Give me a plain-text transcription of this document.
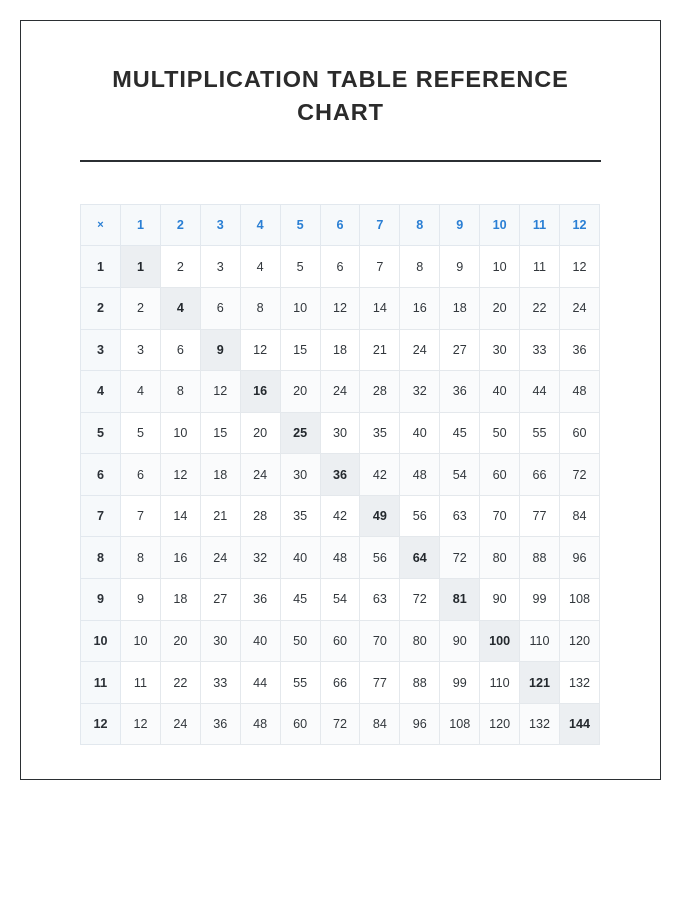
MULTIPLICATION TABLE REFERENCE CHART
×	1	2	3	4	5	6	7	8	9	10	11	12
1	1	2	3	4	5	6	7	8	9	10	11	12
2	2	4	6	8	10	12	14	16	18	20	22	24
3	3	6	9	12	15	18	21	24	27	30	33	36
4	4	8	12	16	20	24	28	32	36	40	44	48
5	5	10	15	20	25	30	35	40	45	50	55	60
6	6	12	18	24	30	36	42	48	54	60	66	72
7	7	14	21	28	35	42	49	56	63	70	77	84
8	8	16	24	32	40	48	56	64	72	80	88	96
9	9	18	27	36	45	54	63	72	81	90	99	108
10	10	20	30	40	50	60	70	80	90	100	110	120
11	11	22	33	44	55	66	77	88	99	110	121	132
12	12	24	36	48	60	72	84	96	108	120	132	144
